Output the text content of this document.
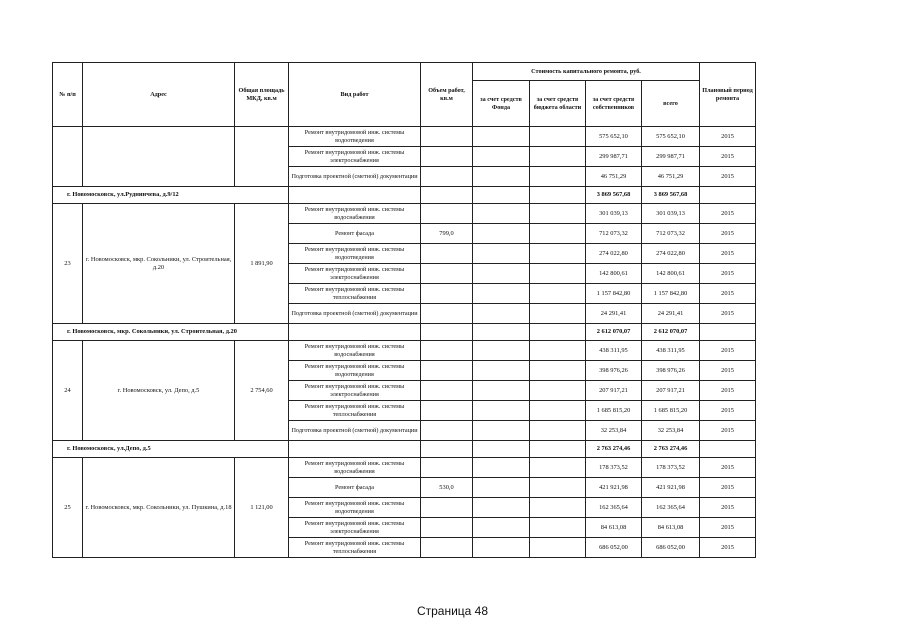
№ п/п	Адрес	Общая площадь МКД, кв.м	Вид работ	Объем работ, кв.м	Стоимость капитального ремонта, руб.				Плановый период ремонта
					за счет средств Фонда	за счет средств бюджета области	за счет средств собственников	всего	
			Ремонт внутридомовой инж. системы водоотведения				575 652,10	575 652,10	2015
			Ремонт внутридомовой инж. системы электроснабжения				299 987,71	299 987,71	2015
			Подготовка проектной (сметной) документации				46 751,29	46 751,29	2015
г. Новомосковск, ул.Руднинчева, д.9/12							3 869 567,68	3 869 567,68	
23	г. Новомосковск, мкр. Сокольники, ул. Строительная, д.20	1 891,90	Ремонт внутридомовой инж. системы водоснабжения				301 039,13	301 039,13	2015
			Ремонт фасада	799,0			712 073,32	712 073,32	2015
			Ремонт внутридомовой инж. системы водоотведения				274 022,80	274 022,80	2015
			Ремонт внутридомовой инж. системы электроснабжения				142 800,61	142 800,61	2015
			Ремонт внутридомовой инж. системы теплоснабжения				1 157 842,80	1 157 842,80	2015
			Подготовка проектной (сметной) документации				24 291,41	24 291,41	2015
г. Новомосковск, мкр. Сокольники, ул. Строительная, д.20							2 612 070,07	2 612 070,07	
24	г. Новомосковск, ул. Депо, д.5	2 754,60	Ремонт внутридомовой инж. системы водоснабжения				438 311,95	438 311,95	2015
			Ремонт внутридомовой инж. системы водоотведения				398 976,26	398 976,26	2015
			Ремонт внутридомовой инж. системы электроснабжения				207 917,21	207 917,21	2015
			Ремонт внутридомовой инж. системы теплоснабжения				1 685 815,20	1 685 815,20	2015
			Подготовка проектной (сметной) документации				32 253,84	32 253,84	2015
г. Новомосковск, ул.Депо, д.5							2 763 274,46	2 763 274,46	
25	г. Новомосковск, мкр. Сокольники, ул. Пушкина, д.18	1 121,00	Ремонт внутридомовой инж. системы водоснабжения				178 373,52	178 373,52	2015
			Ремонт фасада	530,0			421 921,98	421 921,98	2015
			Ремонт внутридомовой инж. системы водоотведения				162 365,64	162 365,64	2015
			Ремонт внутридомовой инж. системы электроснабжения				84 613,08	84 613,08	2015
			Ремонт внутридомовой инж. системы теплоснабжения				686 052,00	686 052,00	2015
Страница 48
